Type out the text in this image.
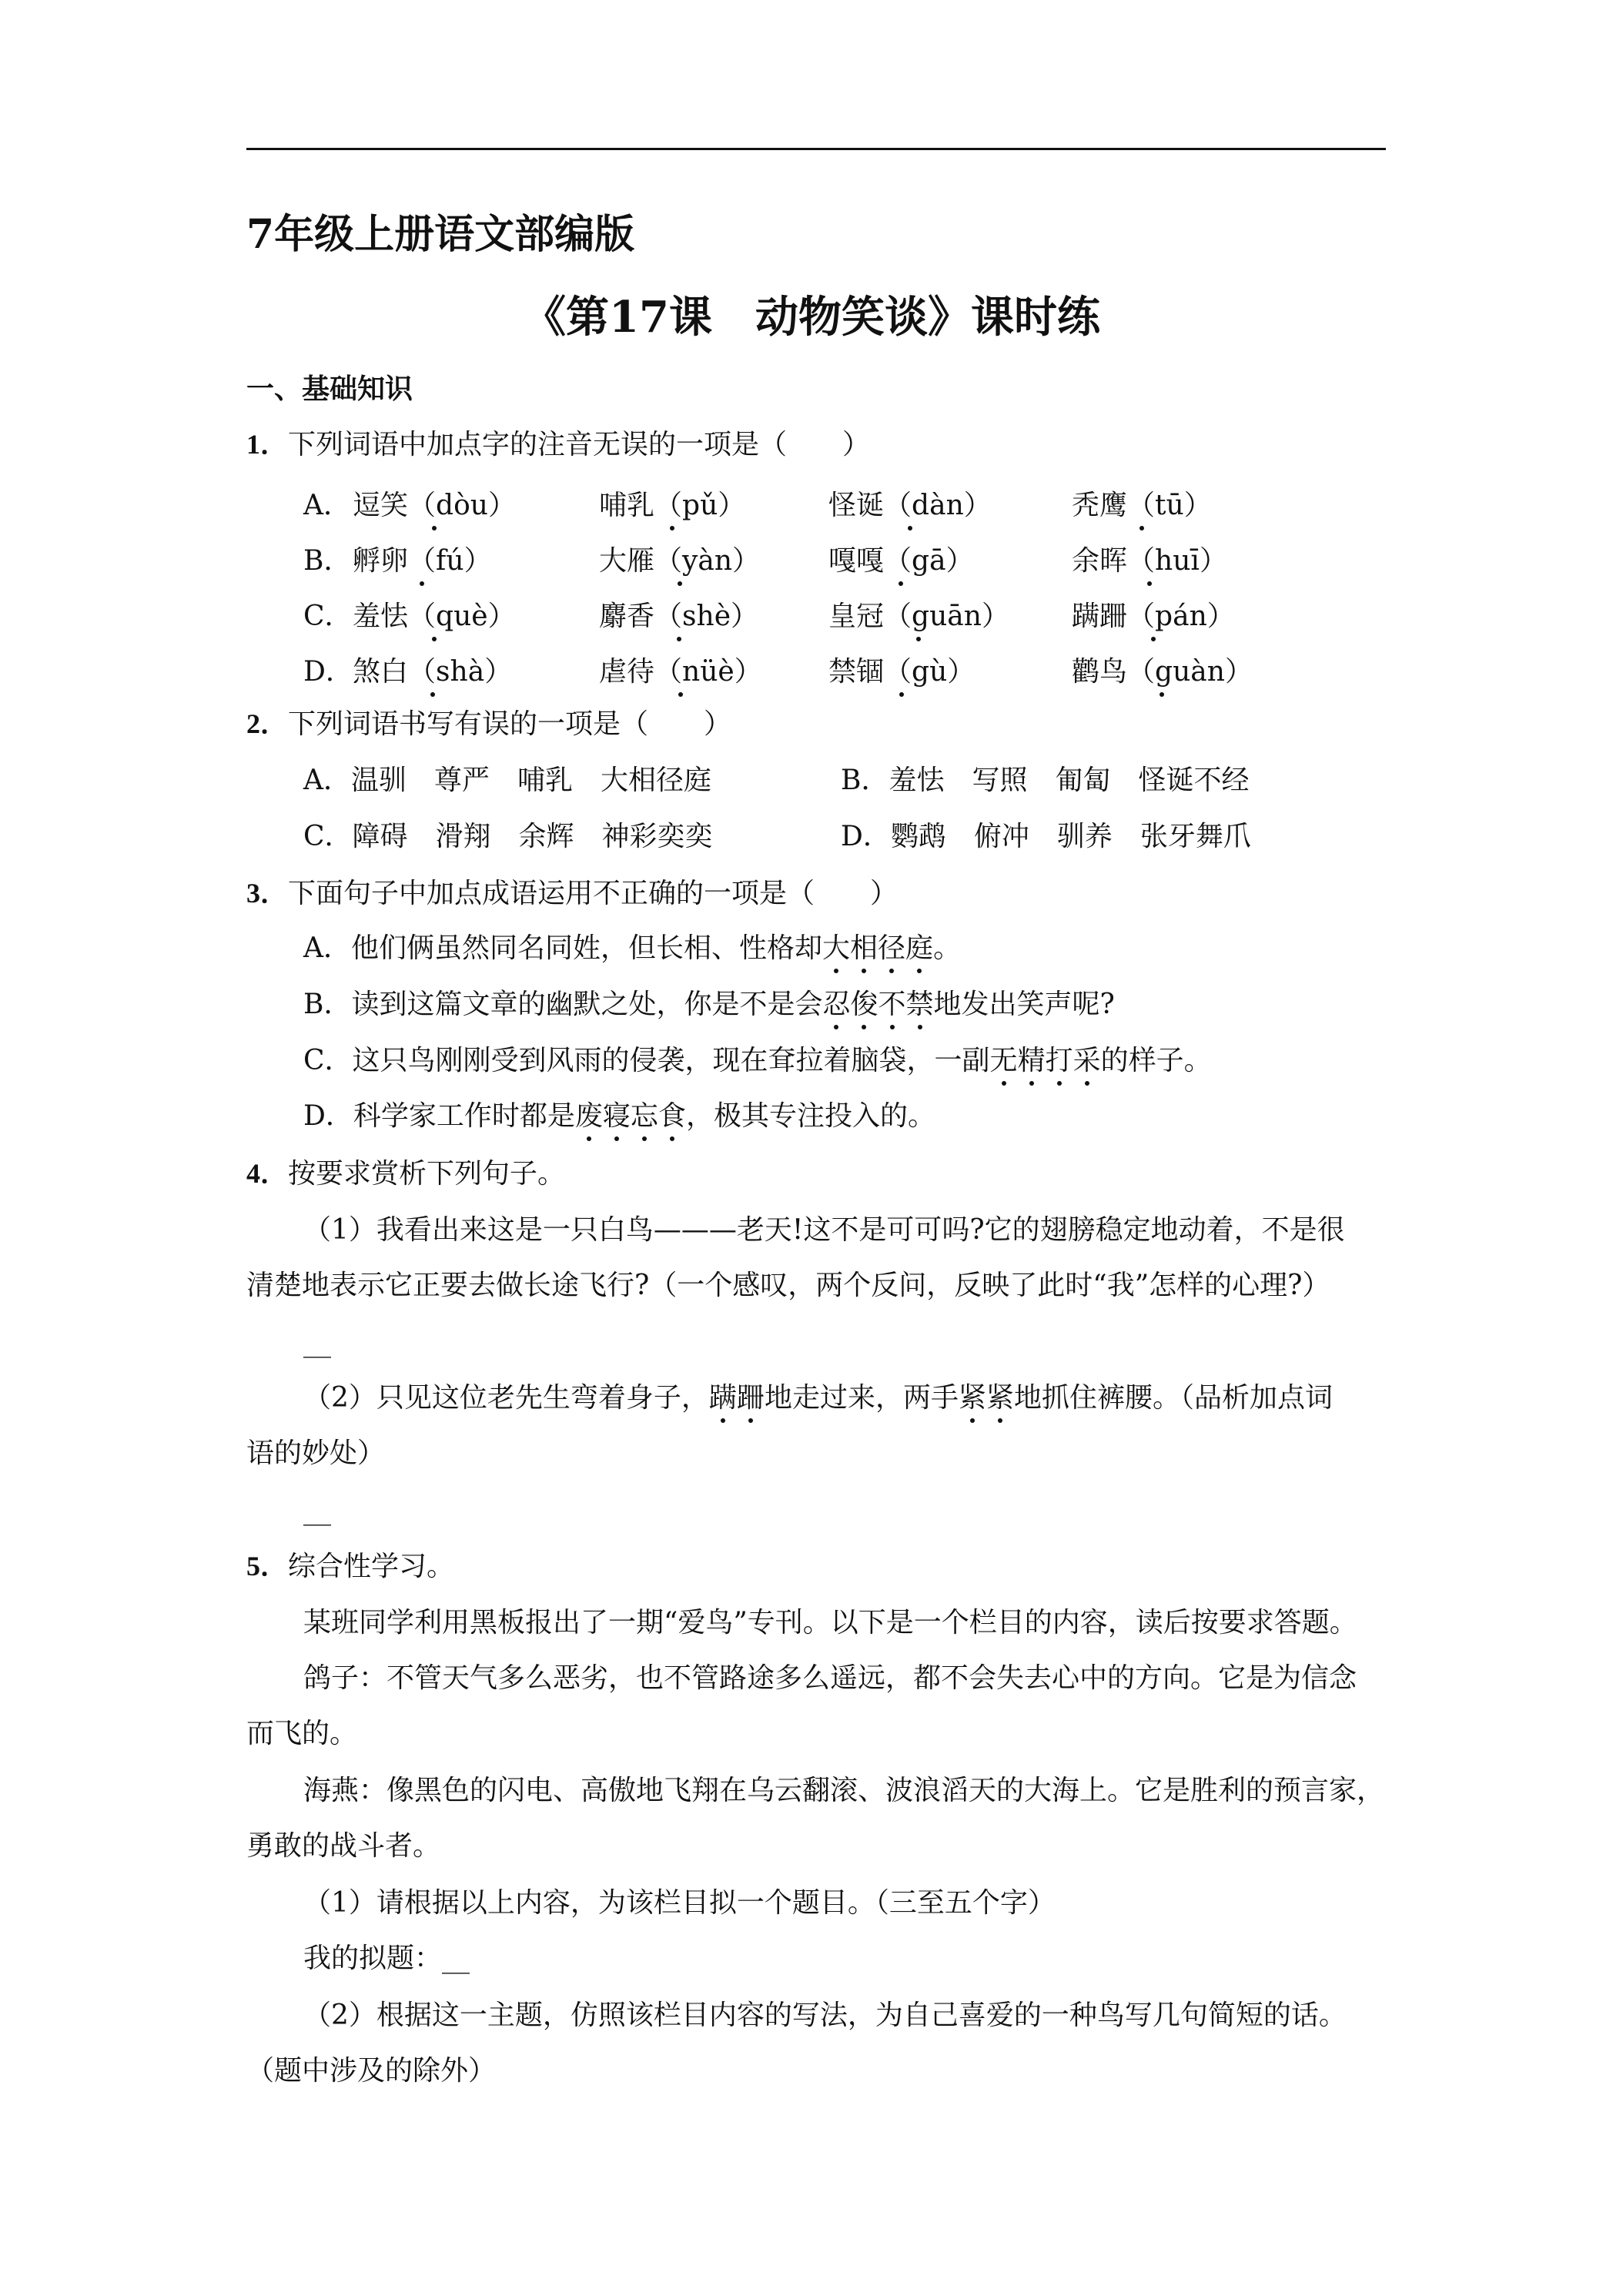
7年级上册语文部编版
《第17课　动物笑谈》课时练
一、基础知识
1．下列词语中加点字的注音无误的一项是（　　）
A． 逗笑（dòu）	哺乳（pǔ）	怪诞（dàn）	秃鹰（tū）
B． 孵卵（fú）	大雁（yàn） 嘎嘎（gā）	余晖（huī）
C． 羞怯（què）	麝香（shè）	皇冠（guān） 蹒跚（pán）
D． 煞白（shà）	虐待（nüè） 禁锢（gù）	鹳鸟（guàn）
2．下列词语书写有误的一项是（　　）
A．温驯　尊严　哺乳　大相径庭	B．羞怯　写照　匍匐　怪诞不经
C．障碍　滑翔　余辉　神彩奕奕	D．鹦鹉　俯冲　驯养　张牙舞爪
3．下面句子中加点成语运用不正确的一项是（　　）
A．他们俩虽然同名同姓，但长相、性格却大相径庭。
B．读到这篇文章的幽默之处，你是不是会忍俊不禁地发出笑声呢?
C．这只鸟刚刚受到风雨的侵袭，现在耷拉着脑袋，一副无精打采的样子。
D．科学家工作时都是废寝忘食，极其专注投入的。
4．按要求赏析下列句子。
（1）我看出来这是一只白鸟———老天!这不是可可吗?它的翅膀稳定地动着，不是很
清楚地表示它正要去做长途飞行?（一个感叹，两个反问，反映了此时“我”怎样的心理?）
__
（2）只见这位老先生弯着身子，蹒跚地走过来，两手紧紧地抓住裤腰。（品析加点词
语的妙处）
__
5．综合性学习。
某班同学利用黑板报出了一期“爱鸟”专刊。以下是一个栏目的内容，读后按要求答题。
鸽子：不管天气多么恶劣，也不管路途多么遥远，都不会失去心中的方向。它是为信念
而飞的。
海燕：像黑色的闪电、高傲地飞翔在乌云翻滚、波浪滔天的大海上。它是胜利的预言家，
勇敢的战斗者。
（1）请根据以上内容，为该栏目拟一个题目。（三至五个字）
我的拟题：__
（2）根据这一主题，仿照该栏目内容的写法，为自己喜爱的一种鸟写几句简短的话。
（题中涉及的除外）
